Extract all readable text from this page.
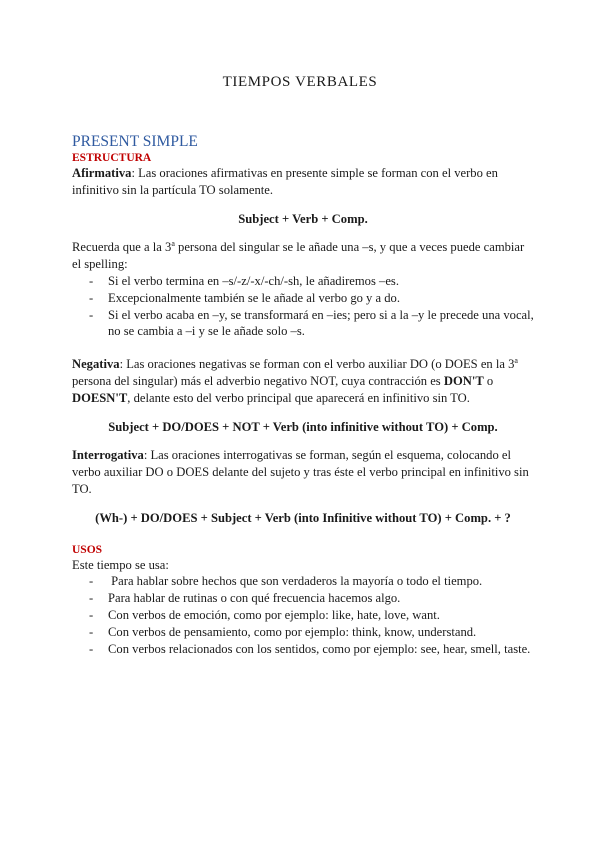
TIEMPOS VERBALES
PRESENT SIMPLE
ESTRUCTURA

Afirmativa: Las oraciones afirmativas en presente simple se forman con el verbo en infinitivo sin la partícula TO solamente.

Subject + Verb + Comp.

Recuerda que a la 3$^a$ persona del singular se le añade una –s, y que a veces puede cambiar el spelling:

- Si el verbo termina en –s/-z/-x/-ch/-sh, le añadiremos –es.
- Excepcionalmente también se le añade al verbo go y a do.
- Si el verbo acaba en –y, se transformará en –ies; pero si a la –y le precede una vocal, no se cambia a –i y se le añade solo –s.

Negativa: Las oraciones negativas se forman con el verbo auxiliar DO (o DOES en la 3$^a$ persona del singular) más el adverbio negativo NOT, cuya contracción es DON'T o DOESN'T, delante esto del verbo principal que aparecerá en infinitivo sin TO.

Subject + DO/DOES + NOT + Verb (into infinitive without TO) + Comp.

Interrogativa: Las oraciones interrogativas se forman, según el esquema, colocando el verbo auxiliar DO o DOES delante del sujeto y tras éste el verbo principal en infinitivo sin TO.

(Wh-) + DO/DOES + Subject + Verb (into Infinitive without TO) + Comp. + ?

USOS

Este tiempo se usa:

- Para hablar sobre hechos que son verdaderos la mayoría o todo el tiempo.
- Para hablar de rutinas o con qué frecuencia hacemos algo.
- Con verbos de emoción, como por ejemplo: like, hate, love, want.
- Con verbos de pensamiento, como por ejemplo: think, know, understand.
- Con verbos relacionados con los sentidos, como por ejemplo: see, hear, smell, taste.
